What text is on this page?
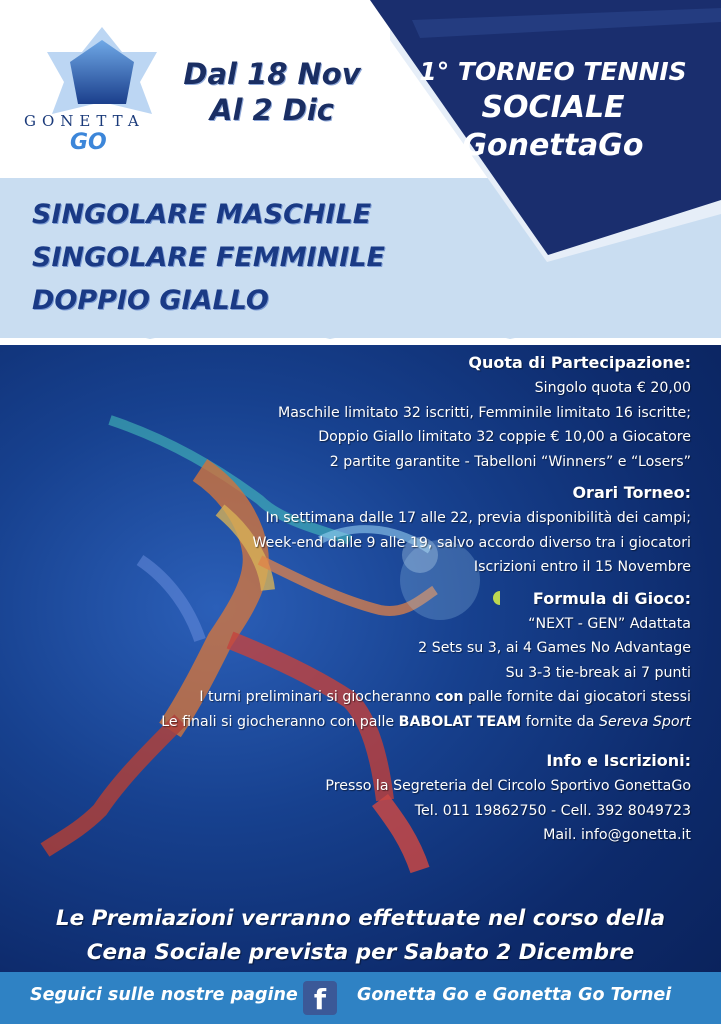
GONETTA
GO
Dal 18 Nov
Al 2 Dic
1° TORNEO TENNIS
SOCIALE
GonettaGo
SINGOLARE MASCHILE
SINGOLARE FEMMINILE
DOPPIO GIALLO
Quota di Partecipazione:
Singolo quota € 20,00
Maschile limitato 32 iscritti, Femminile limitato 16 iscritte;
Doppio Giallo limitato 32 coppie € 10,00 a Giocatore
2 partite garantite - Tabelloni “Winners” e “Losers”
Orari Torneo:
In settimana dalle 17 alle 22, previa disponibilità dei campi;
Week-end dalle 9 alle 19, salvo accordo diverso tra i giocatori
Iscrizioni entro il 15 Novembre
Formula di Gioco:
“NEXT - GEN” Adattata
2 Sets su 3, ai 4 Games No Advantage
Su 3-3 tie-break ai 7 punti
I turni preliminari si giocheranno con palle fornite dai giocatori stessi
Le finali si giocheranno con palle BABOLAT TEAM fornite da Sereva Sport
Info e Iscrizioni:
Presso la Segreteria del Circolo Sportivo GonettaGo
Tel. 011 19862750 - Cell. 392 8049723
Mail. info@gonetta.it
Le Premiazioni verranno effettuate nel corso della
Cena Sociale prevista per Sabato 2 Dicembre
Seguici sulle nostre pagine f	Gonetta Go e Gonetta Go Tornei
